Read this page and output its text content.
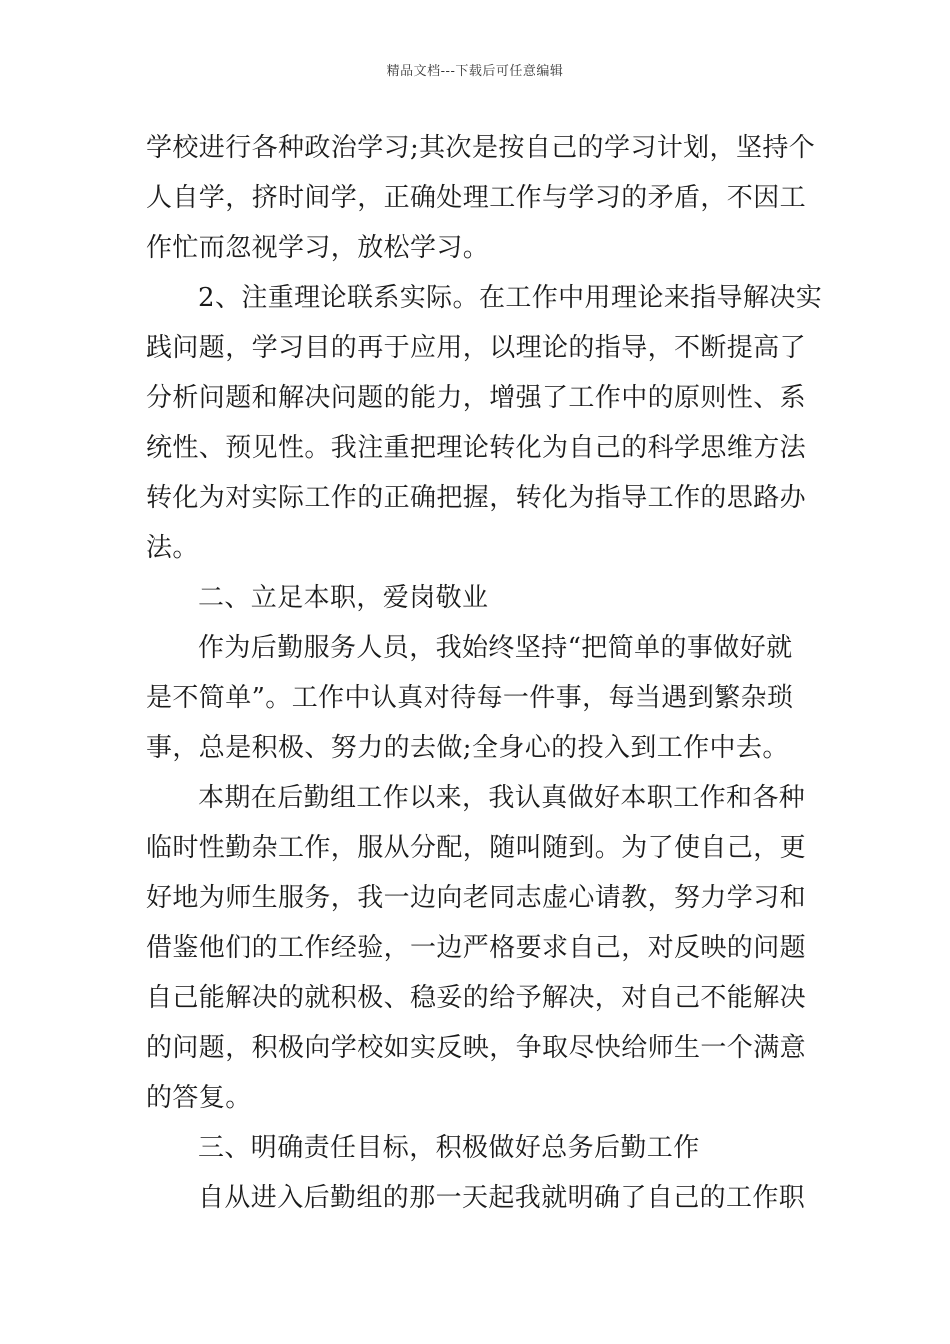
精品文档---下载后可任意编辑
学校进行各种政治学习;其次是按自己的学习计划，坚持个
人自学，挤时间学，正确处理工作与学习的矛盾，不因工
作忙而忽视学习，放松学习。
2、注重理论联系实际。在工作中用理论来指导解决实
践问题，学习目的再于应用，以理论的指导，不断提高了
分析问题和解决问题的能力，增强了工作中的原则性、系
统性、预见性。我注重把理论转化为自己的科学思维方法
转化为对实际工作的正确把握，转化为指导工作的思路办
法。
二、立足本职，爱岗敬业
作为后勤服务人员，我始终坚持“把简单的事做好就
是不简单”。工作中认真对待每一件事，每当遇到繁杂琐
事，总是积极、努力的去做;全身心的投入到工作中去。
本期在后勤组工作以来，我认真做好本职工作和各种
临时性勤杂工作，服从分配，随叫随到。为了使自己，更
好地为师生服务，我一边向老同志虚心请教，努力学习和
借鉴他们的工作经验，一边严格要求自己，对反映的问题
自己能解决的就积极、稳妥的给予解决，对自己不能解决
的问题，积极向学校如实反映，争取尽快给师生一个满意
的答复。
三、明确责任目标，积极做好总务后勤工作
自从进入后勤组的那一天起我就明确了自己的工作职
